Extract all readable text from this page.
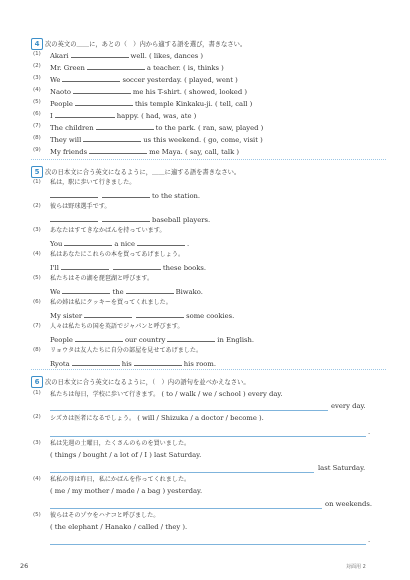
4 次の英文の＿＿に，あとの（　）内から適する語を選び，書きなさい。
(1) Akari	well. ( likes, dances )
(2) Mr. Green	a teacher. ( is, thinks )
(3) We	soccer yesterday. ( played, went )
(4) Naoto	me his T-shirt. ( showed, looked )
(5) People	this temple Kinkaku-ji. ( tell, call )
(6) I	happy. ( had, was, ate )
(7) The children	to the park. ( ran, saw, played )
(8) They will	us this weekend. ( go, come, visit )
(9) My friends	me Maya. ( say, call, talk )
5 次の日本文に合う英文になるように，＿＿に適する語を書きなさい。
(1) 私は，駅に歩いて行きました。
to the station.
(2) 彼らは野球選手です。
baseball players.
(3) あなたはすてきなかばんを持っています。
You	a nice	.
(4) 私はあなたにこれらの本を買ってあげましょう。
I'll	these books.
(5) 私たちはその湖を琵琶湖と呼びます。
We	the	Biwako.
(6) 私の姉は私にクッキーを買ってくれました。
My sister	some cookies.
(7) 人々は私たちの国を英語でジャパンと呼びます。
People	our country	in English.
(8) リョウタは友人たちに自分の部屋を見せてあげました。
Ryota	his	his room.
6 次の日本文に合う英文になるように，（　）内の語句を並べかえなさい。
(1) 私たちは毎日，学校に歩いて行きます。 ( to / walk / we / school ) every day.
every day.
(2) シズカは医者になるでしょう。 ( will / Shizuka / a doctor / become ).
.
(3) 私は先週の土曜日，たくさんのものを買いました。
( things / bought / a lot of / I ) last Saturday.
last Saturday.
(4) 私私の母は昨日，私にかばんを作ってくれました。
( me / my mother / made / a bag ) yesterday.
on weekends.
(5) 彼らはそのゾウをハナコと呼びました。
( the elephant / Hanako / called / they ).
.
26	対面用 2
